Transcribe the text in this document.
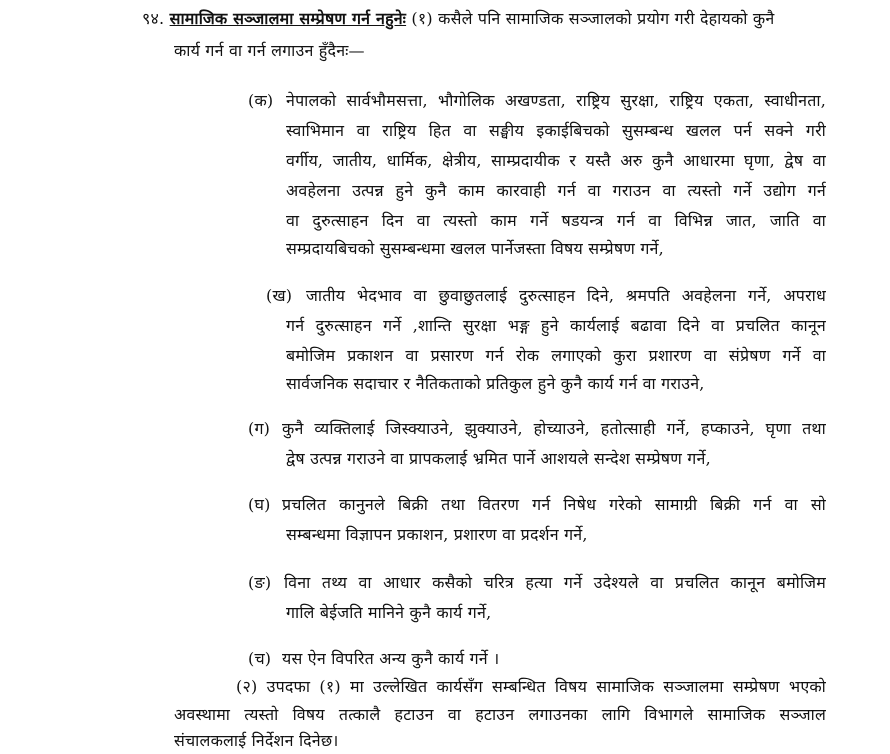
९४. सामाजिक सञ्जालमा सम्प्रेषण गर्न नहुनेः (१) कसैले पनि सामाजिक सञ्जालको प्रयोग गरी देहायको कुनै
कार्य गर्न वा गर्न लगाउन हुँदैनः—
(क) नेपालको सार्वभौमसत्ता, भौगोलिक अखण्डता, राष्ट्रिय सुरक्षा, राष्ट्रिय एकता, स्वाधीनता,
स्वाभिमान वा राष्ट्रिय हित वा सङ्घीय इकाईबिचको सुसम्बन्ध खलल पर्न सक्ने गरी
वर्गीय, जातीय, धार्मिक, क्षेत्रीय, साम्प्रदायीक र यस्तै अरु कुनै आधारमा घृणा, द्वेष वा
अवहेलना उत्पन्न हुने कुनै काम कारवाही गर्न वा गराउन वा त्यस्तो गर्ने उद्योग गर्न
वा दुरुत्साहन दिन वा त्यस्तो काम गर्ने षडयन्त्र गर्न वा विभिन्न जात, जाति वा
सम्प्रदायबिचको सुसम्बन्धमा खलल पार्नेजस्ता विषय सम्प्रेषण गर्ने,
(ख) जातीय भेदभाव वा छुवाछुतलाई दुरुत्साहन दिने, श्रमपति अवहेलना गर्ने, अपराध
गर्न दुरुत्साहन गर्ने ,शान्ति सुरक्षा भङ्ग हुने कार्यलाई बढावा दिने वा प्रचलित कानून
बमोजिम प्रकाशन वा प्रसारण गर्न रोक लगाएको कुरा प्रशारण वा संप्रेषण गर्ने वा
सार्वजनिक सदाचार र नैतिकताको प्रतिकुल हुने कुनै कार्य गर्न वा गराउने,
(ग) कुनै व्यक्तिलाई जिस्क्याउने, झुक्याउने, होच्याउने, हतोत्साही गर्ने, हप्काउने, घृणा तथा
द्वेष उत्पन्न गराउने वा प्रापकलाई भ्रमित पार्ने आशयले सन्देश सम्प्रेषण गर्ने,
(घ) प्रचलित कानुनले बिक्री तथा वितरण गर्न निषेध गरेको सामाग्री बिक्री गर्न वा सो
सम्बन्धमा विज्ञापन प्रकाशन, प्रशारण वा प्रदर्शन गर्ने,
(ङ) विना तथ्य वा आधार कसैको चरित्र हत्या गर्ने उदेश्यले वा प्रचलित कानून बमोजिम
गालि बेईजति मानिने कुनै कार्य गर्ने,
(च) यस ऐन विपरित अन्य कुनै कार्य गर्ने ।
(२) उपदफा (१) मा उल्लेखित कार्यसँग सम्बन्धित विषय सामाजिक सञ्जालमा सम्प्रेषण भएको
अवस्थामा त्यस्तो विषय तत्कालै हटाउन वा हटाउन लगाउनका लागि विभागले सामाजिक सञ्जाल
संचालकलाई निर्देशन दिनेछ।
